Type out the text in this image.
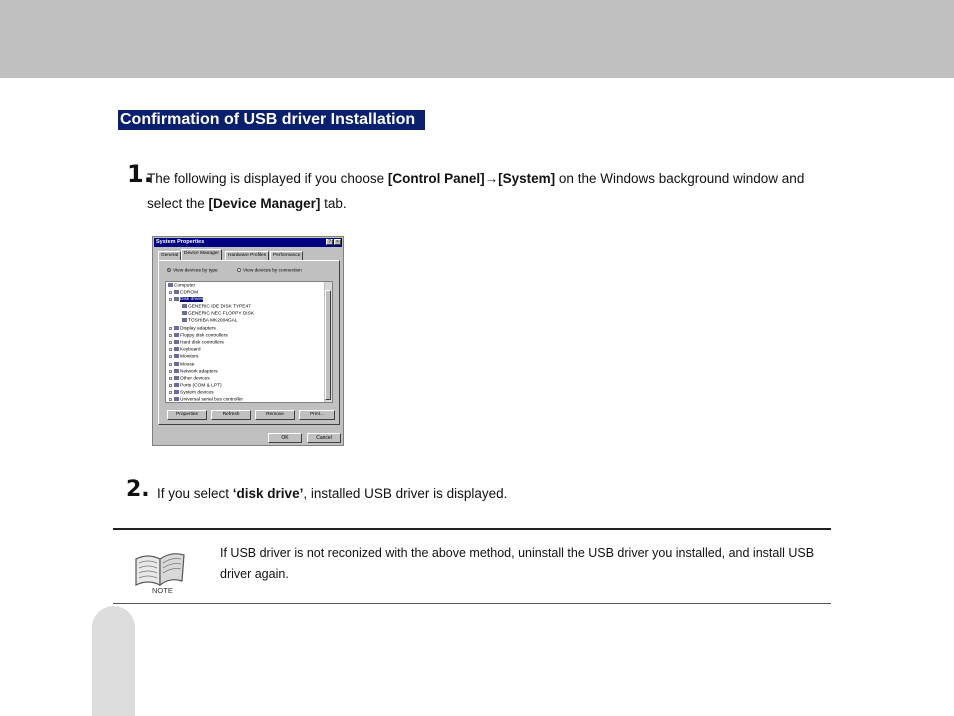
Confirmation of USB driver Installation
1.
The following is displayed if you choose [Control Panel]→[System] on the Windows background window and select the [Device Manager] tab.
System Properties	?	×
General	Device Manager	Hardware Profiles	Performance
View devices by type	View devices by connection
Computer
CDROM
Disk drives
GENERIC IDE DISK TYPE47
GENERIC NEC FLOPPY DISK
TOSHIBA MK2004GAL
Display adapters
Floppy disk controllers
Hard disk controllers
Keyboard
Monitors
Mouse
Network adapters
Other devices
Ports (COM & LPT)
System devices
Universal serial bus controller
Properties	Refresh	Remove	Print...
OK	Cancel
2. If you select ‘disk drive’, installed USB driver is displayed.
NOTE
If USB driver is not reconized with the above method, uninstall the USB driver you installed, and install USB driver again.
